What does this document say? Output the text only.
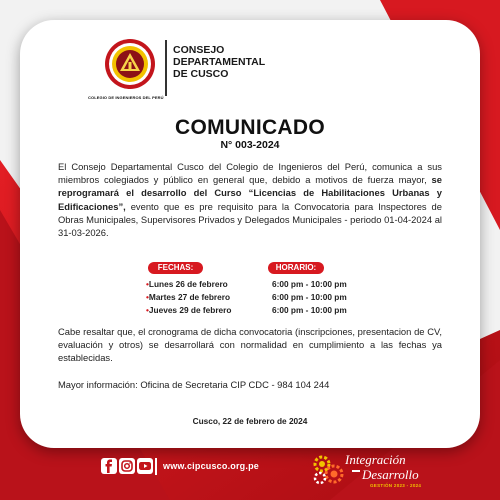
COLEGIO DE INGENIEROS DEL PERÚ
CONSEJO
DEPARTAMENTAL
DE CUSCO
COMUNICADO
N° 003-2024

El Consejo Departamental Cusco del Colegio de Ingenieros del Perú, comunica a sus miembros colegiados y público en general que, debido a motivos de fuerza mayor, se reprogramará el desarrollo del Curso “Licencias de Habilitaciones Urbanas y Edificaciones”, evento que es pre requisito para la Convocatoria para Inspectores de Obras Municipales, Supervisores Privados y Delegados Municipales - periodo 01-04-2024 al 31-03-2026.

FECHAS:	HORARIO:
•Lunes 26 de febrero
•Martes 27 de febrero
•Jueves 29 de febrero
6:00 pm - 10:00 pm
6:00 pm - 10:00 pm
6:00 pm - 10:00 pm

Cabe resaltar que, el cronograma de dicha convocatoria (inscripciones, presentacion de CV, evaluación y otros) se desarrollará con normalidad en cumplimiento a las fechas ya establecidas.

Mayor información: Oficina de Secretaria CIP CDC - 984 104 244

Cusco, 22 de febrero de 2024
www.cipcusco.org.pe	Integración
Desarrollo
GESTIÓN 2023 - 2024
